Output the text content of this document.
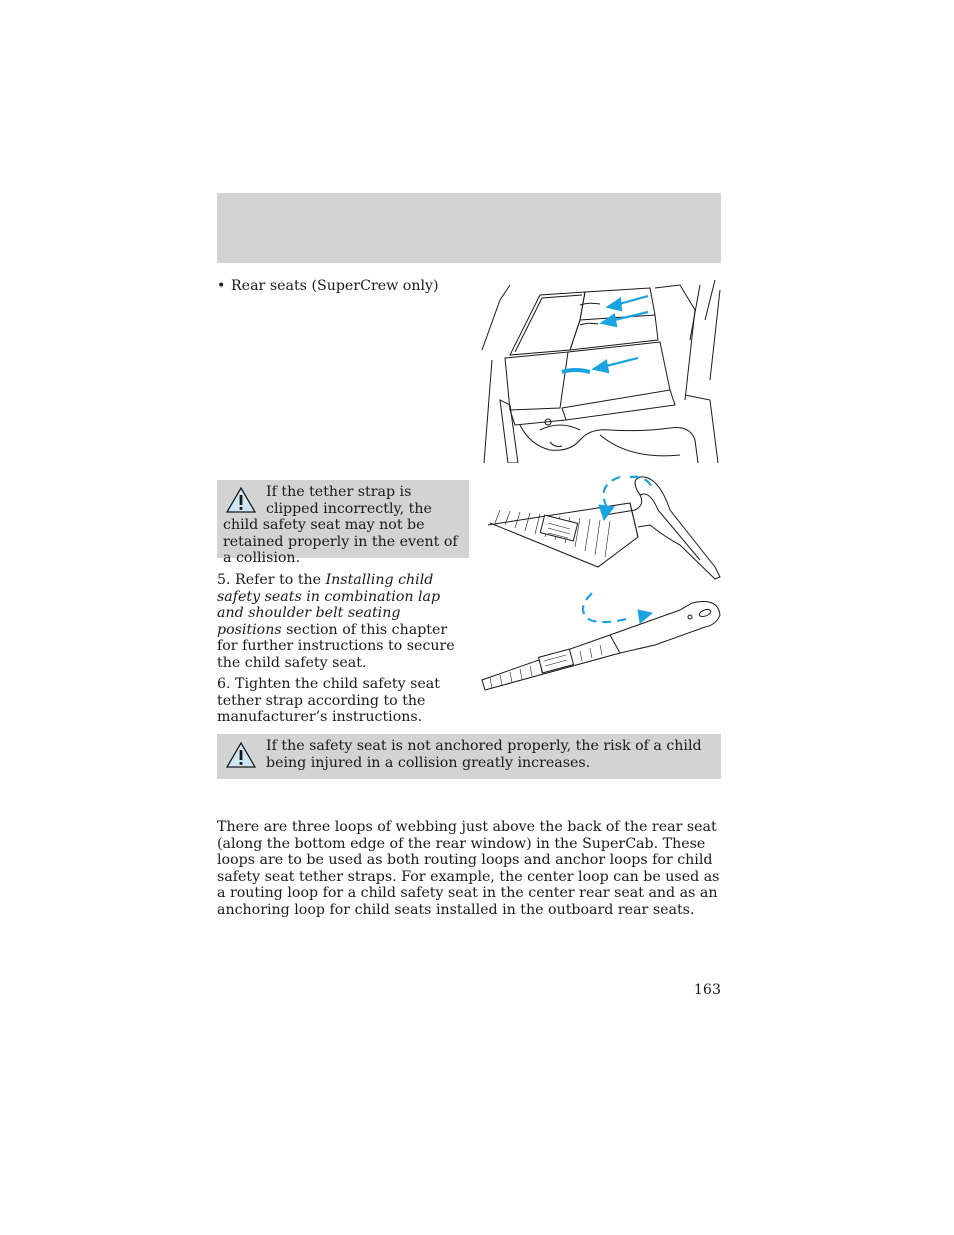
• Rear seats (SuperCrew only)
If the tether strap is clipped incorrectly, the child safety seat may not be retained properly in the event of a collision.
5. Refer to the Installing child safety seats in combination lap and shoulder belt seating positions section of this chapter for further instructions to secure the child safety seat.
6. Tighten the child safety seat tether strap according to the manufacturer’s instructions.
If the safety seat is not anchored properly, the risk of a child being injured in a collision greatly increases.
There are three loops of webbing just above the back of the rear seat (along the bottom edge of the rear window) in the SuperCab. These loops are to be used as both routing loops and anchor loops for child safety seat tether straps. For example, the center loop can be used as a routing loop for a child safety seat in the center rear seat and as an anchoring loop for child seats installed in the outboard rear seats.
163
